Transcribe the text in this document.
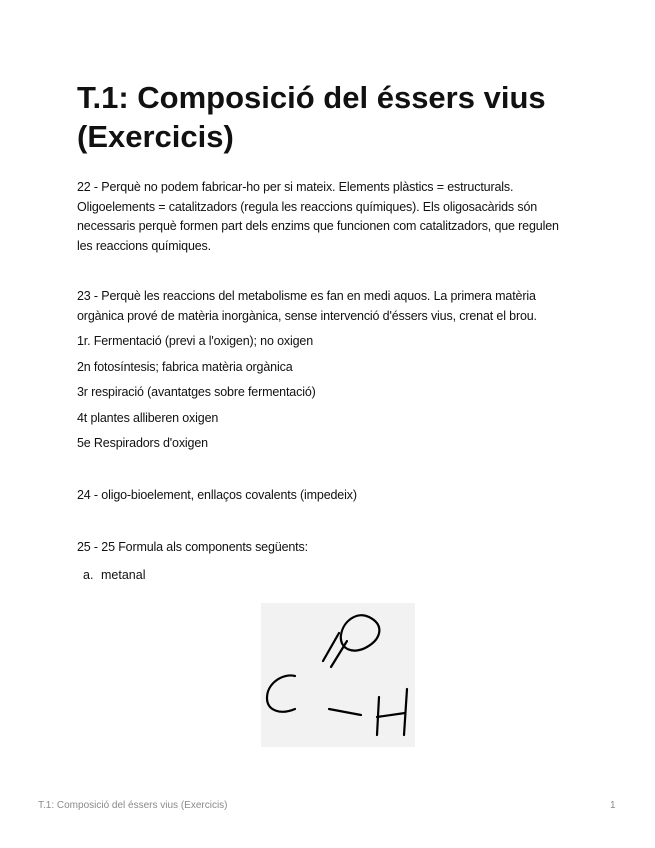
T.1: Composició del éssers vius (Exercicis)

22 - Perquè no podem fabricar-ho per si mateix. Elements plàstics = estructurals. Oligoelements = catalitzadors (regula les reaccions químiques). Els oligosacàrids són necessaris perquè formen part dels enzims que funcionen com catalitzadors, que regulen les reaccions químiques.

23 - Perquè les reaccions del metabolisme es fan en medi aquos. La primera matèria orgànica prové de matèria inorgànica, sense intervenció d'éssers vius, crenat el brou.

1r. Fermentació (previ a l'oxigen); no oxigen

2n fotosíntesis; fabrica matèria orgànica

3r respiració (avantatges sobre fermentació)

4t plantes alliberen oxigen

5e Respiradors d'oxigen

24 - oligo-bioelement, enllaços covalents (impedeix)

25 - 25 Formula als components següents:

a. metanal
T.1: Composició del éssers vius (Exercicis)	1
